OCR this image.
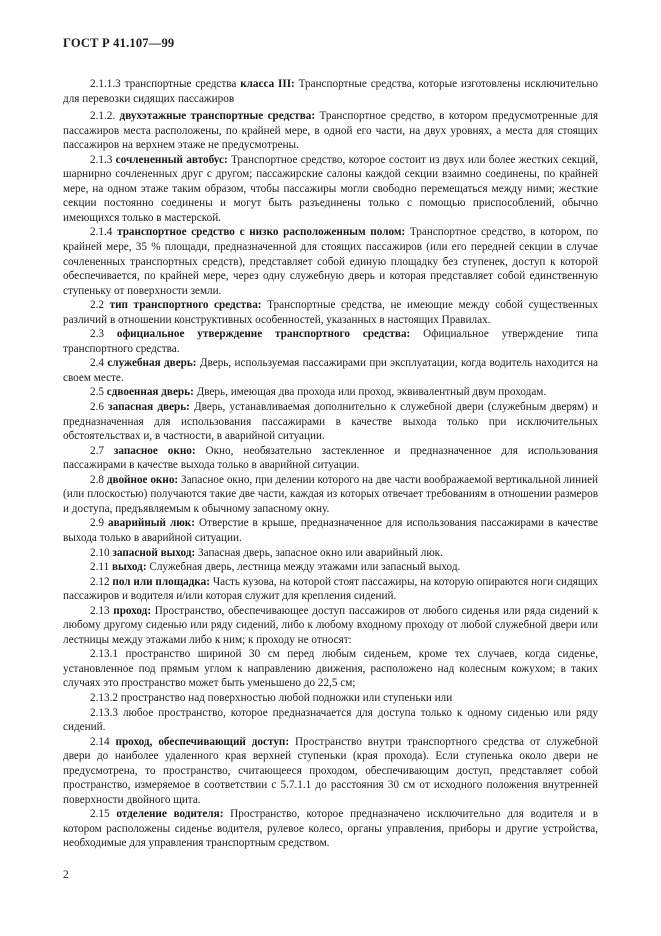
ГОСТ Р 41.107—99

2.1.1.3 транспортные средства класса III: Транспортные средства, которые изготовлены исключительно для перевозки сидящих пассажиров

2.1.2. двухэтажные транспортные средства: Транспортное средство, в котором предусмотренные для пассажиров места расположены, по крайней мере, в одной его части, на двух уровнях, а места для стоящих пассажиров на верхнем этаже не предусмотрены.

2.1.3 сочлененный автобус: Транспортное средство, которое состоит из двух или более жестких секций, шарнирно сочлененных друг с другом; пассажирские салоны каждой секции взаимно соединены, по крайней мере, на одном этаже таким образом, чтобы пассажиры могли свободно перемещаться между ними; жесткие секции постоянно соединены и могут быть разъединены только с помощью приспособлений, обычно имеющихся только в мастерской.

2.1.4 транспортное средство с низко расположенным полом: Транспортное средство, в котором, по крайней мере, 35 % площади, предназначенной для стоящих пассажиров (или его передней секции в случае сочлененных транспортных средств), представляет собой единую площадку без ступенек, доступ к которой обеспечивается, по крайней мере, через одну служебную дверь и которая представляет собой единственную ступеньку от поверхности земли.

2.2 тип транспортного средства: Транспортные средства, не имеющие между собой существенных различий в отношении конструктивных особенностей, указанных в настоящих Правилах.

2.3 официальное утверждение транспортного средства: Официальное утверждение типа транспортного средства.

2.4 служебная дверь: Дверь, используемая пассажирами при эксплуатации, когда водитель находится на своем месте.

2.5 сдвоенная дверь: Дверь, имеющая два прохода или проход, эквивалентный двум проходам.

2.6 запасная дверь: Дверь, устанавливаемая дополнительно к служебной двери (служебным дверям) и предназначенная для использования пассажирами в качестве выхода только при исключительных обстоятельствах и, в частности, в аварийной ситуации.

2.7 запасное окно: Окно, необязательно застекленное и предназначенное для использования пассажирами в качестве выхода только в аварийной ситуации.

2.8 двойное окно: Запасное окно, при делении которого на две части воображаемой вертикальной линией (или плоскостью) получаются такие две части, каждая из которых отвечает требованиям в отношении размеров и доступа, предъявляемым к обычному запасному окну.

2.9 аварийный люк: Отверстие в крыше, предназначенное для использования пассажирами в качестве выхода только в аварийной ситуации.

2.10 запасной выход: Запасная дверь, запасное окно или аварийный люк.

2.11 выход: Служебная дверь, лестница между этажами или запасный выход.

2.12 пол или площадка: Часть кузова, на которой стоят пассажиры, на которую опираются ноги сидящих пассажиров и водителя и/или которая служит для крепления сидений.

2.13 проход: Пространство, обеспечивающее доступ пассажиров от любого сиденья или ряда сидений к любому другому сиденью или ряду сидений, либо к любому входному проходу от любой служебной двери или лестницы между этажами либо к ним; к проходу не относят:

2.13.1 пространство шириной 30 см перед любым сиденьем, кроме тех случаев, когда сиденье, установленное под прямым углом к направлению движения, расположено над колесным кожухом; в таких случаях это пространство может быть уменьшено до 22,5 см;

2.13.2 пространство над поверхностью любой подножки или ступеньки или

2.13.3 любое пространство, которое предназначается для доступа только к одному сиденью или ряду сидений.

2.14 проход, обеспечивающий доступ: Пространство внутри транспортного средства от служебной двери до наиболее удаленного края верхней ступеньки (края прохода). Если ступенька около двери не предусмотрена, то пространство, считающееся проходом, обеспечивающим доступ, представляет собой пространство, измеряемое в соответствии с 5.7.1.1 до расстояния 30 см от исходного положения внутренней поверхности двойного щита.

2.15 отделение водителя: Пространство, которое предназначено исключительно для водителя и в котором расположены сиденье водителя, рулевое колесо, органы управления, приборы и другие устройства, необходимые для управления транспортным средством.

2
